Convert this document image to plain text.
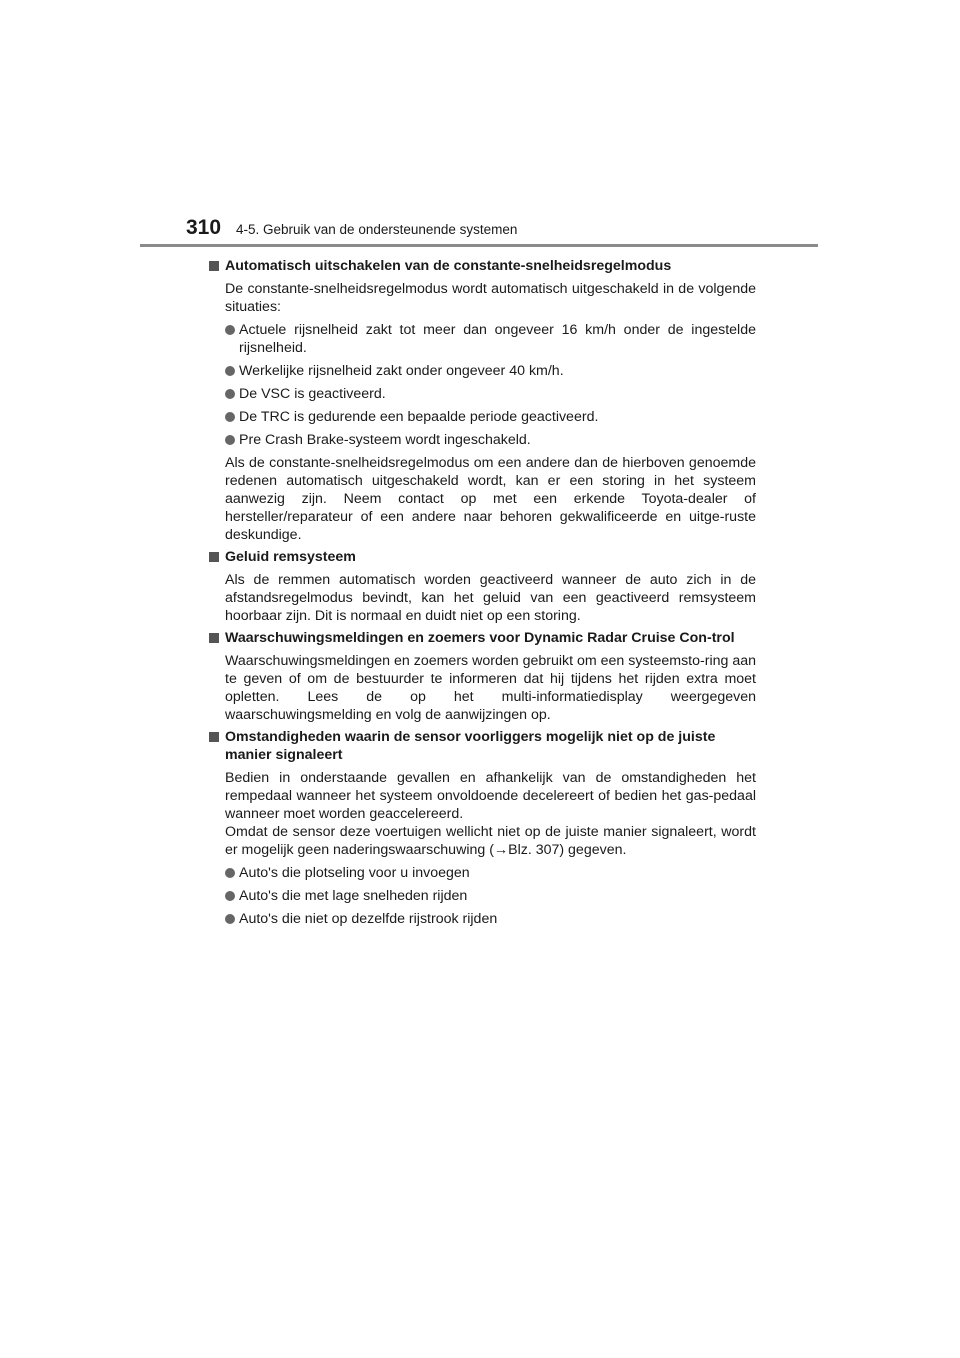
310 4-5. Gebruik van de ondersteunende systemen
Automatisch uitschakelen van de constante-snelheidsregelmodus
De constante-snelheidsregelmodus wordt automatisch uitgeschakeld in de volgende situaties:
Actuele rijsnelheid zakt tot meer dan ongeveer 16 km/h onder de ingestelde rijsnelheid.
Werkelijke rijsnelheid zakt onder ongeveer 40 km/h.
De VSC is geactiveerd.
De TRC is gedurende een bepaalde periode geactiveerd.
Pre Crash Brake-systeem wordt ingeschakeld.
Als de constante-snelheidsregelmodus om een andere dan de hierboven genoemde redenen automatisch uitgeschakeld wordt, kan er een storing in het systeem aanwezig zijn. Neem contact op met een erkende Toyota-dealer of hersteller/reparateur of een andere naar behoren gekwalificeerde en uitge-ruste deskundige.
Geluid remsysteem
Als de remmen automatisch worden geactiveerd wanneer de auto zich in de afstandsregelmodus bevindt, kan het geluid van een geactiveerd remsysteem hoorbaar zijn. Dit is normaal en duidt niet op een storing.
Waarschuwingsmeldingen en zoemers voor Dynamic Radar Cruise Con-trol
Waarschuwingsmeldingen en zoemers worden gebruikt om een systeemsto-ring aan te geven of om de bestuurder te informeren dat hij tijdens het rijden extra moet opletten. Lees de op het multi-informatiedisplay weergegeven waarschuwingsmelding en volg de aanwijzingen op.
Omstandigheden waarin de sensor voorliggers mogelijk niet op de juiste manier signaleert
Bedien in onderstaande gevallen en afhankelijk van de omstandigheden het rempedaal wanneer het systeem onvoldoende decelereert of bedien het gas-pedaal wanneer moet worden geaccelereerd.
Omdat de sensor deze voertuigen wellicht niet op de juiste manier signaleert, wordt er mogelijk geen naderingswaarschuwing (→Blz. 307) gegeven.
Auto's die plotseling voor u invoegen
Auto's die met lage snelheden rijden
Auto's die niet op dezelfde rijstrook rijden
